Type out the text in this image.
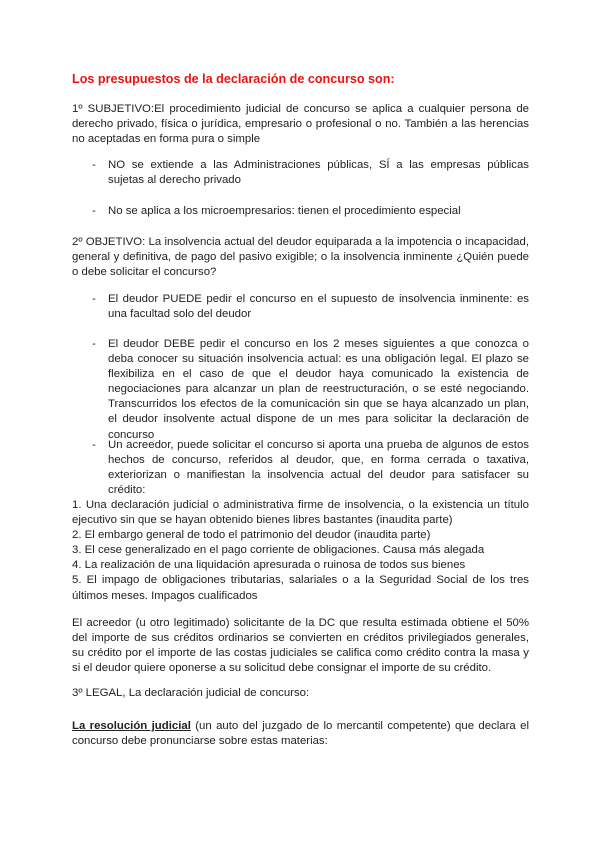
Los presupuestos de la declaración de concurso son:
1º SUBJETIVO:El procedimiento judicial de concurso se aplica a cualquier persona de derecho privado, física o jurídica, empresario o profesional o no. También a las herencias no aceptadas en forma pura o simple
-	NO se extiende a las Administraciones públicas, SÍ a las empresas públicas sujetas al derecho privado
-	No se aplica a los microempresarios: tienen el procedimiento especial
2º OBJETIVO: La insolvencia actual del deudor equiparada a la impotencia o incapacidad, general y definitiva, de pago del pasivo exigible; o la insolvencia inminente ¿Quién puede o debe solicitar el concurso?
-	El deudor PUEDE pedir el concurso en el supuesto de insolvencia inminente: es una facultad solo del deudor
-	El deudor DEBE pedir el concurso en los 2 meses siguientes a que conozca o deba conocer su situación insolvencia actual: es una obligación legal. El plazo se flexibiliza en el caso de que el deudor haya comunicado la existencia de negociaciones para alcanzar un plan de reestructuración, o se esté negociando. Transcurridos los efectos de la comunicación sin que se haya alcanzado un plan, el deudor insolvente actual dispone de un mes para solicitar la declaración de concurso
-	Un acreedor, puede solicitar el concurso si aporta una prueba de algunos de estos hechos de concurso, referidos al deudor, que, en forma cerrada o taxativa, exteriorizan o manifiestan la insolvencia actual del deudor para satisfacer su crédito:
1. Una declaración judicial o administrativa firme de insolvencia, o la existencia un título ejecutivo sin que se hayan obtenido bienes libres bastantes (inaudita parte)
2. El embargo general de todo el patrimonio del deudor (inaudita parte)
3. El cese generalizado en el pago corriente de obligaciones. Causa más alegada
4. La realización de una liquidación apresurada o ruinosa de todos sus bienes
5. El impago de obligaciones tributarias, salariales o a la Seguridad Social de los tres últimos meses. Impagos cualificados
El acreedor (u otro legitimado) solicitante de la DC que resulta estimada obtiene el 50% del importe de sus créditos ordinarios se convierten en créditos privilegiados generales, su crédito por el importe de las costas judiciales se califica como crédito contra la masa y si el deudor quiere oponerse a su solicitud debe consignar el importe de su crédito.
3º LEGAL, La declaración judicial de concurso:
La resolución judicial (un auto del juzgado de lo mercantil competente) que declara el concurso debe pronunciarse sobre estas materias:
